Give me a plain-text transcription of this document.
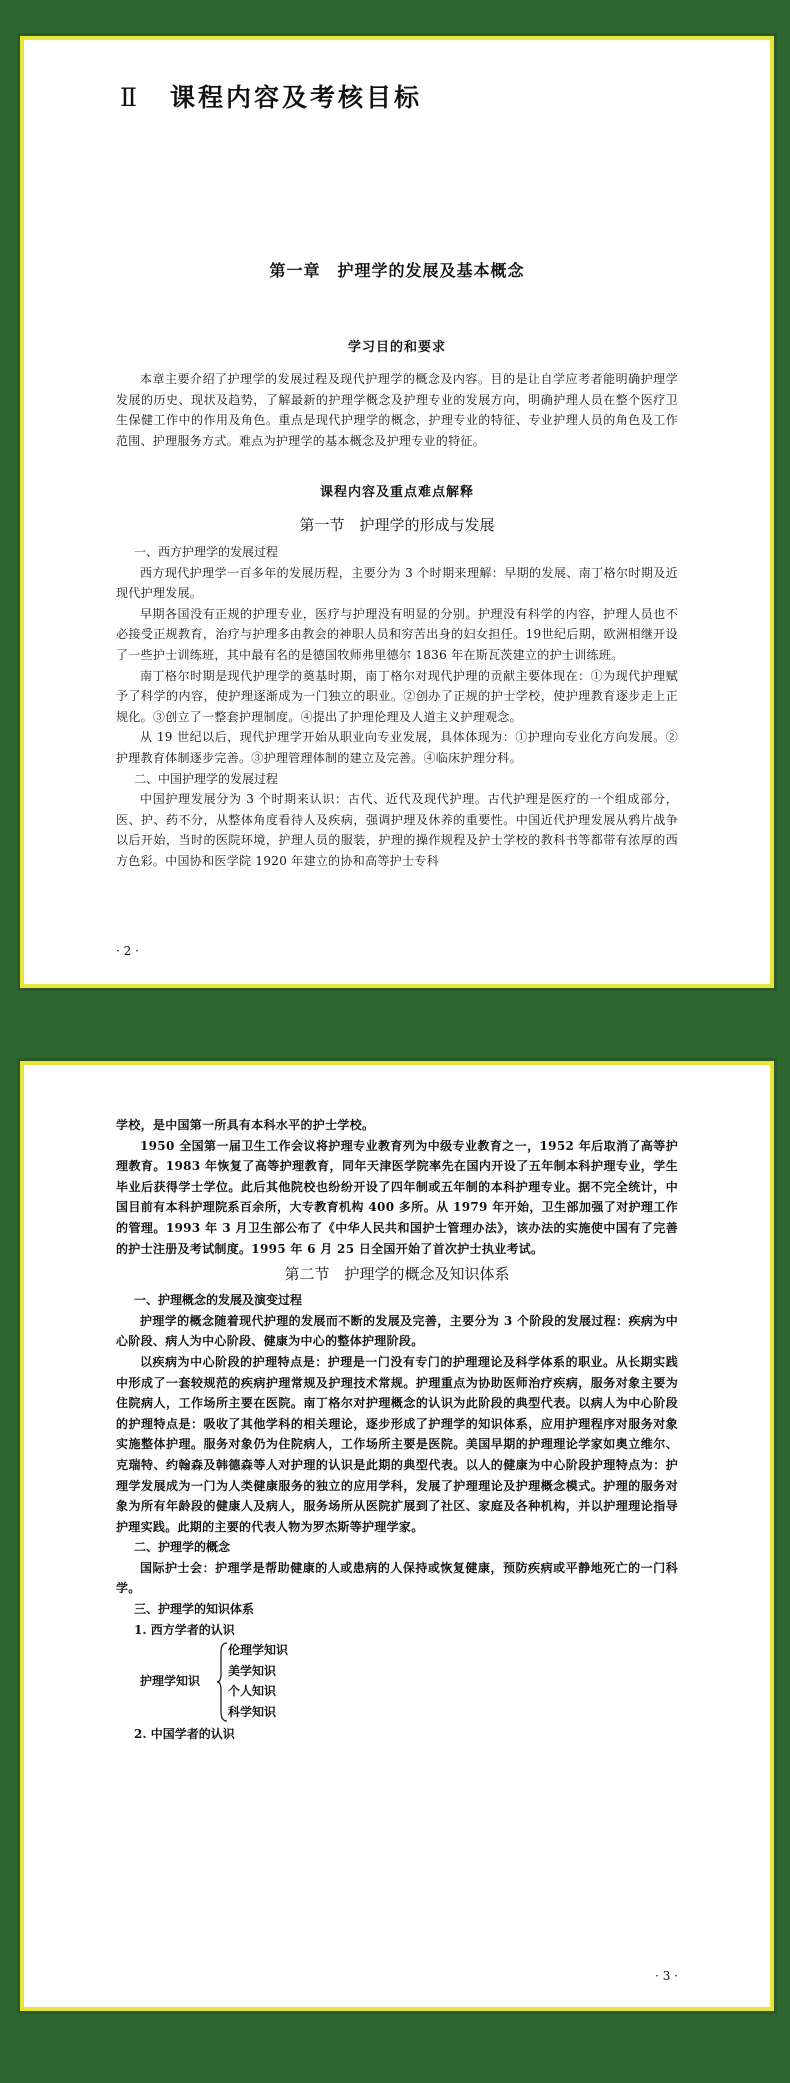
Ⅱ 课程内容及考核目标
第一章　护理学的发展及基本概念
学习目的和要求

本章主要介绍了护理学的发展过程及现代护理学的概念及内容。目的是让自学应考者能明确护理学发展的历史、现状及趋势，了解最新的护理学概念及护理专业的发展方向，明确护理人员在整个医疗卫生保健工作中的作用及角色。重点是现代护理学的概念，护理专业的特征、专业护理人员的角色及工作范围、护理服务方式。难点为护理学的基本概念及护理专业的特征。

课程内容及重点难点解释
第一节　护理学的形成与发展

一、西方护理学的发展过程

西方现代护理学一百多年的发展历程，主要分为 3 个时期来理解：早期的发展、南丁格尔时期及近现代护理发展。

早期各国没有正规的护理专业，医疗与护理没有明显的分别。护理没有科学的内容，护理人员也不必接受正规教育，治疗与护理多由教会的神职人员和穷苦出身的妇女担任。19世纪后期，欧洲相继开设了一些护士训练班，其中最有名的是德国牧师弗里德尔 1836 年在斯瓦茨建立的护士训练班。

南丁格尔时期是现代护理学的奠基时期，南丁格尔对现代护理的贡献主要体现在：①为现代护理赋予了科学的内容，使护理逐渐成为一门独立的职业。②创办了正规的护士学校，使护理教育逐步走上正规化。③创立了一整套护理制度。④提出了护理伦理及人道主义护理观念。

从 19 世纪以后，现代护理学开始从职业向专业发展，具体体现为：①护理向专业化方向发展。②护理教育体制逐步完善。③护理管理体制的建立及完善。④临床护理分科。

二、中国护理学的发展过程

中国护理发展分为 3 个时期来认识：古代、近代及现代护理。古代护理是医疗的一个组成部分，医、护、药不分，从整体角度看待人及疾病，强调护理及休养的重要性。中国近代护理发展从鸦片战争以后开始，当时的医院环境，护理人员的服装，护理的操作规程及护士学校的教科书等都带有浓厚的西方色彩。中国协和医学院 1920 年建立的协和高等护士专科

· 2 ·

学校，是中国第一所具有本科水平的护士学校。

1950 全国第一届卫生工作会议将护理专业教育列为中级专业教育之一，1952 年后取消了高等护理教育。1983 年恢复了高等护理教育，同年天津医学院率先在国内开设了五年制本科护理专业，学生毕业后获得学士学位。此后其他院校也纷纷开设了四年制或五年制的本科护理专业。据不完全统计，中国目前有本科护理院系百余所，大专教育机构 400 多所。从 1979 年开始，卫生部加强了对护理工作的管理。1993 年 3 月卫生部公布了《中华人民共和国护士管理办法》，该办法的实施使中国有了完善的护士注册及考试制度。1995 年 6 月 25 日全国开始了首次护士执业考试。

第二节　护理学的概念及知识体系

一、护理概念的发展及演变过程

护理学的概念随着现代护理的发展而不断的发展及完善，主要分为 3 个阶段的发展过程：疾病为中心阶段、病人为中心阶段、健康为中心的整体护理阶段。

以疾病为中心阶段的护理特点是：护理是一门没有专门的护理理论及科学体系的职业。从长期实践中形成了一套较规范的疾病护理常规及护理技术常规。护理重点为协助医师治疗疾病，服务对象主要为住院病人，工作场所主要在医院。南丁格尔对护理概念的认识为此阶段的典型代表。以病人为中心阶段的护理特点是：吸收了其他学科的相关理论，逐步形成了护理学的知识体系，应用护理程序对服务对象实施整体护理。服务对象仍为住院病人，工作场所主要是医院。美国早期的护理理论学家如奥立维尔、克瑞特、约翰森及韩德森等人对护理的认识是此期的典型代表。以人的健康为中心阶段护理特点为：护理学发展成为一门为人类健康服务的独立的应用学科，发展了护理理论及护理概念模式。护理的服务对象为所有年龄段的健康人及病人，服务场所从医院扩展到了社区、家庭及各种机构，并以护理理论指导护理实践。此期的主要的代表人物为罗杰斯等护理学家。

二、护理学的概念

国际护士会：护理学是帮助健康的人或患病的人保持或恢复健康，预防疾病或平静地死亡的一门科学。

三、护理学的知识体系

1. 西方学者的认识

护理学知识
伦理学知识
美学知识
个人知识
科学知识

2. 中国学者的认识

· 3 ·
